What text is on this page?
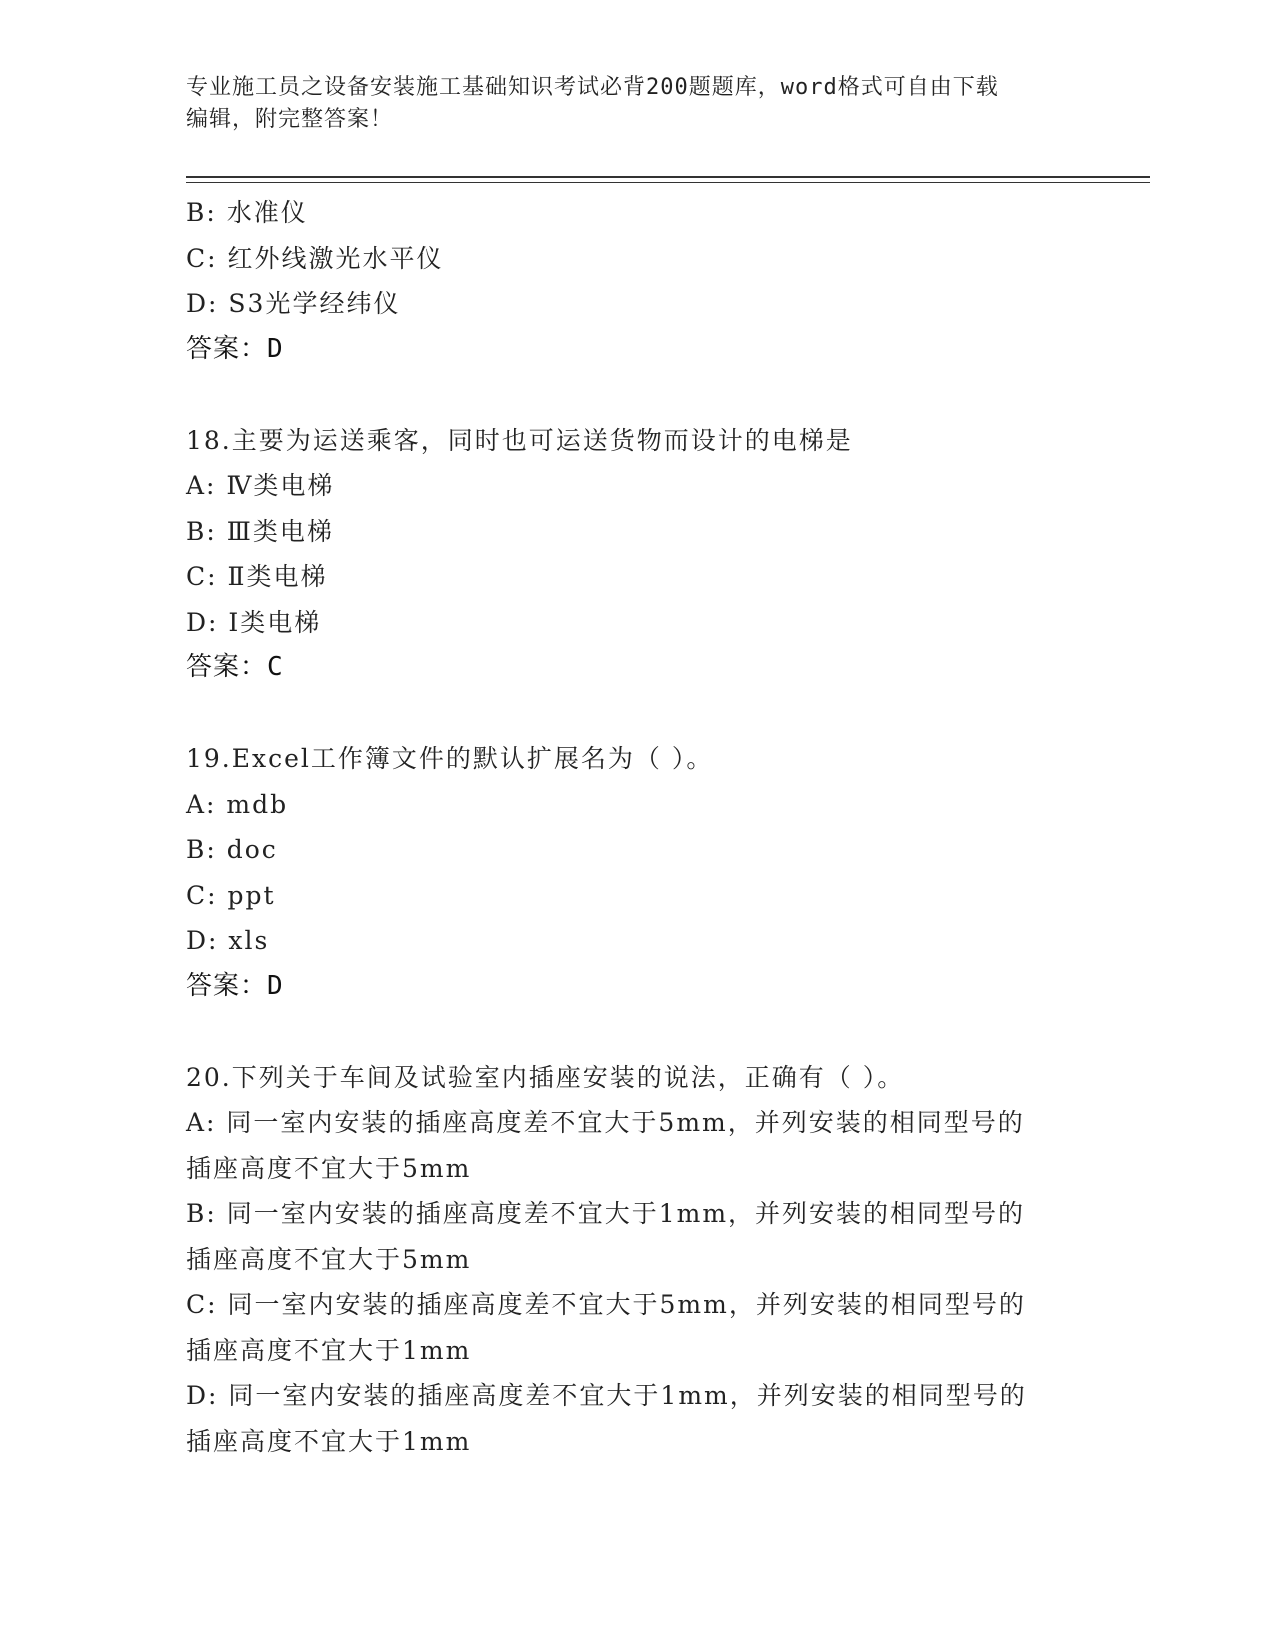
专业施工员之设备安装施工基础知识考试必背200题题库，word格式可自由下载
编辑，附完整答案！
B: 水准仪
C: 红外线激光水平仪
D: S3光学经纬仪
答案：D
18.主要为运送乘客，同时也可运送货物而设计的电梯是
A: Ⅳ类电梯
B: Ⅲ类电梯
C: Ⅱ类电梯
D: Ⅰ类电梯
答案：C
19.Excel工作簿文件的默认扩展名为（ ）。
A: mdb
B: doc
C: ppt
D: xls
答案：D
20.下列关于车间及试验室内插座安装的说法，正确有（ ）。
A: 同一室内安装的插座高度差不宜大于5mm，并列安装的相同型号的
插座高度不宜大于5mm
B: 同一室内安装的插座高度差不宜大于1mm，并列安装的相同型号的
插座高度不宜大于5mm
C: 同一室内安装的插座高度差不宜大于5mm，并列安装的相同型号的
插座高度不宜大于1mm
D: 同一室内安装的插座高度差不宜大于1mm，并列安装的相同型号的
插座高度不宜大于1mm
